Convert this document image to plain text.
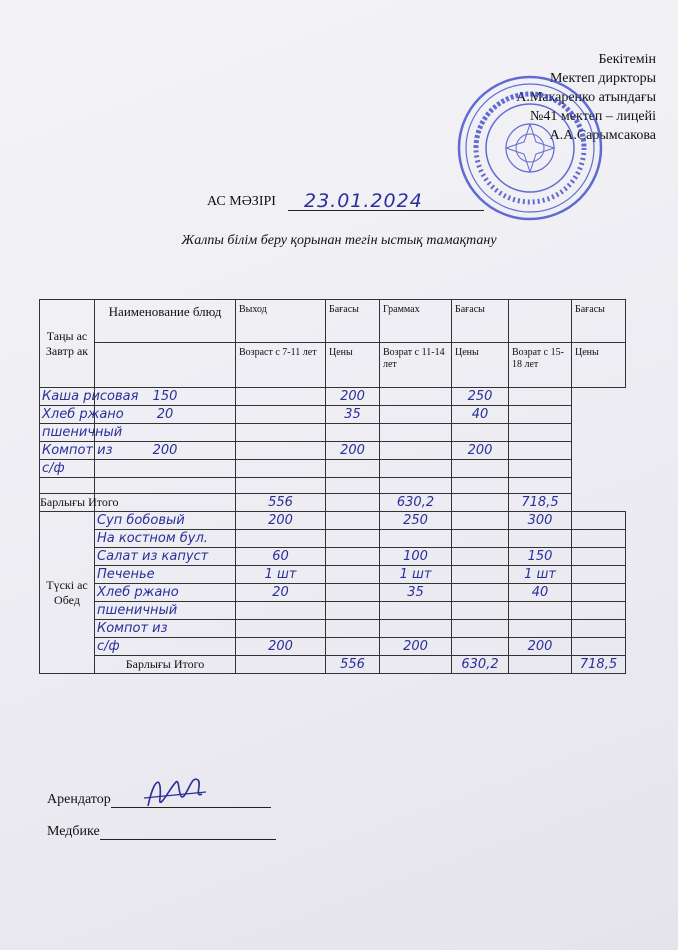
Бекітемін
Мектеп диркторы
А.Макаренко атындағы
№41 мектеп – лицейі
А.А.Сарымсакова
АС МӘЗІРІ 23.01.2024
Жалпы білім беру қорынан тегін ыстық тамақтану
Таңы ас Завтр ак	Наименование блюд	Выход	Бағасы	Граммах	Бағасы		Бағасы
		Возраст с 7-11 лет	Цены	Возрат с 11-14 лет	Цены	Возрат с 15-18 лет	Цены
Каша рисовая	150		200		250		
Хлеб ржано	20		35		40		
пшеничный							
Компот из	200		200		200		
с/ф							

Барлығы Итого		556		630,2		718,5	
Түскі ас Обед	Суп бобовый	200		250		300	
	На костном бул.						
	Салат из капуст	60		100		150	
	Печенье	1 шт		1 шт		1 шт	
	Хлеб ржано	20		35		40	
	пшеничный						
	Компот из						
	с/ф	200		200		200	
	Барлығы Итого		556		630,2		718,5
Арендатор
Медбике
